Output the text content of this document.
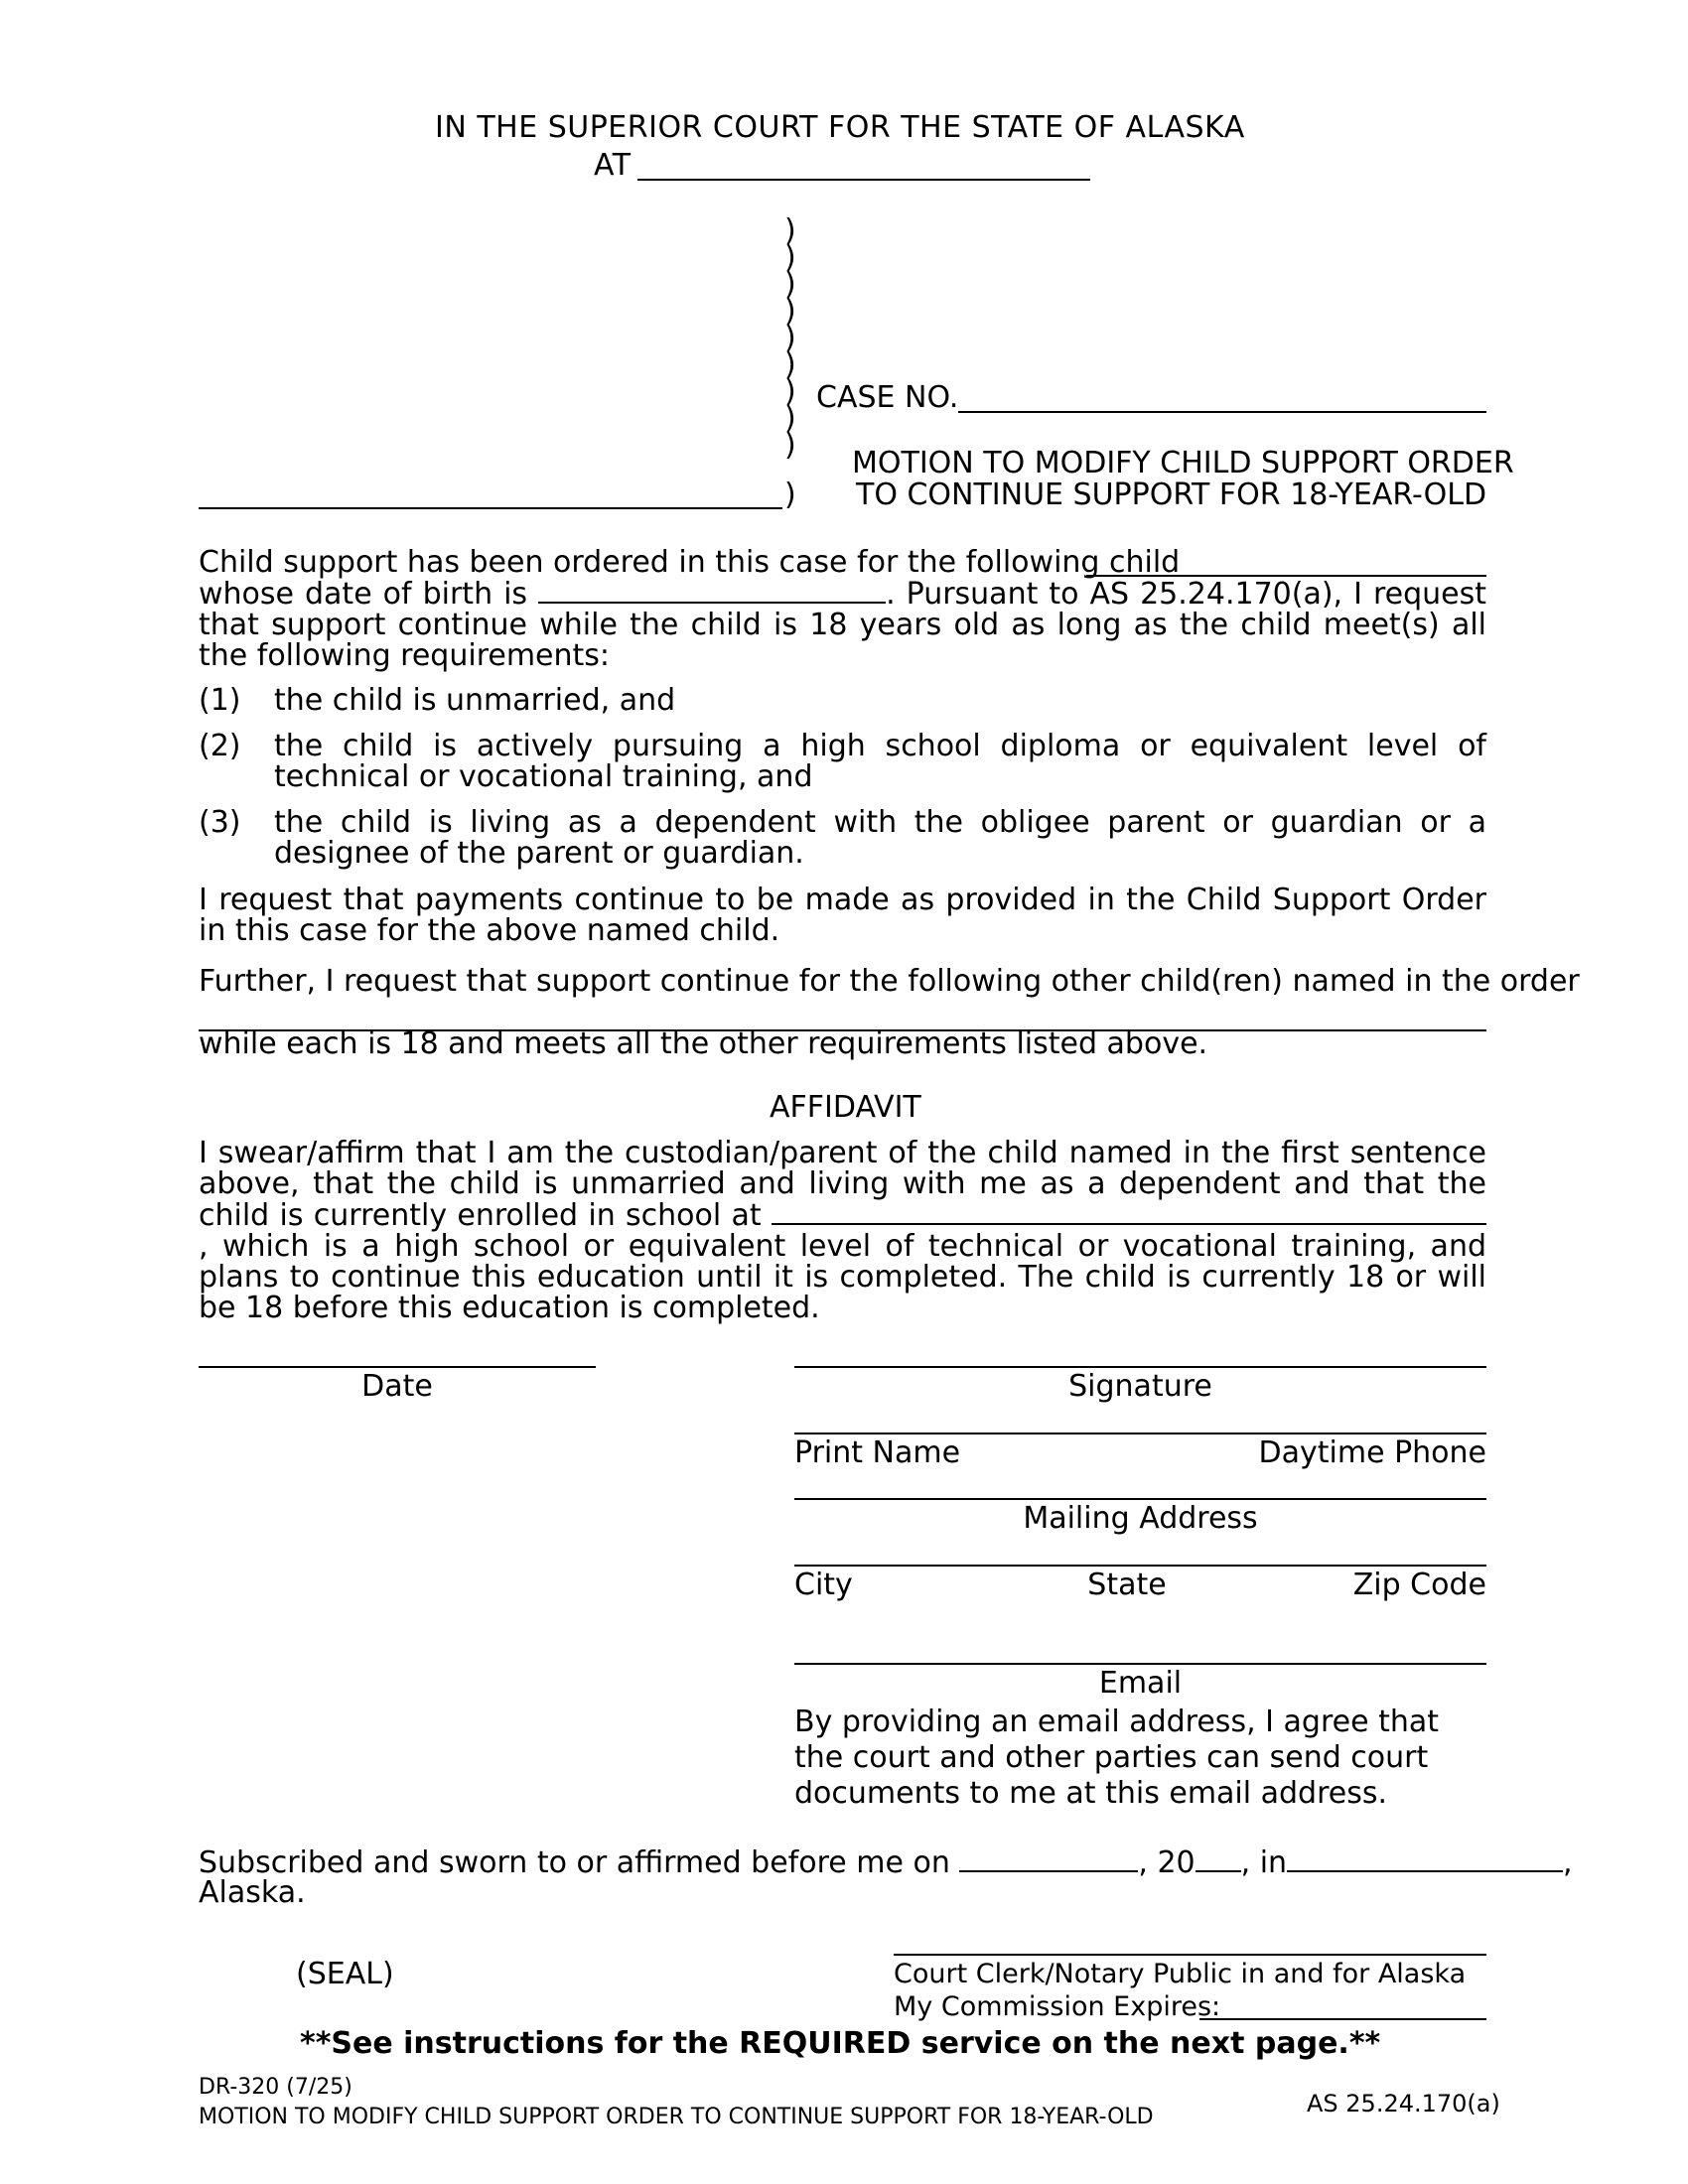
IN THE SUPERIOR COURT FOR THE STATE OF ALASKA
AT
)
)
)
)
)
)
)
)
)
)
CASE NO.
MOTION TO MODIFY CHILD SUPPORT ORDER
TO CONTINUE SUPPORT FOR 18-YEAR-OLD
Child support has been ordered in this case for the following child
whose date of birth is	. Pursuant to AS 25.24.170(a), I request that support continue while the child is 18 years old as long as the child meet(s) all the following requirements:
(1)	the child is unmarried, and
(2)	the child is actively pursuing a high school diploma or equivalent level of technical or vocational training, and
(3)	the child is living as a dependent with the obligee parent or guardian or a designee of the parent or guardian.
I request that payments continue to be made as provided in the Child Support Order in this case for the above named child.
Further, I request that support continue for the following other child(ren) named in the order
while each is 18 and meets all the other requirements listed above.
AFFIDAVIT
I swear/affirm that I am the custodian/parent of the child named in the first sentence above, that the child is unmarried and living with me as a dependent and that the child is currently enrolled in school at , which is a high school or equivalent level of technical or vocational training, and plans to continue this education until it is completed. The child is currently 18 or will be 18 before this education is completed.
Date	Signature
Print Name	Daytime Phone
Mailing Address
City	State	Zip Code
Email
By providing an email address, I agree that the court and other parties can send court documents to me at this email address.
Subscribed and sworn to or affirmed before me on	, 20 , in	,
Alaska.
(SEAL)	Court Clerk/Notary Public in and for Alaska
My Commission Expires:
**See instructions for the REQUIRED service on the next page.**
DR-320 (7/25)
MOTION TO MODIFY CHILD SUPPORT ORDER TO CONTINUE SUPPORT FOR 18-YEAR-OLD	AS 25.24.170(a)
